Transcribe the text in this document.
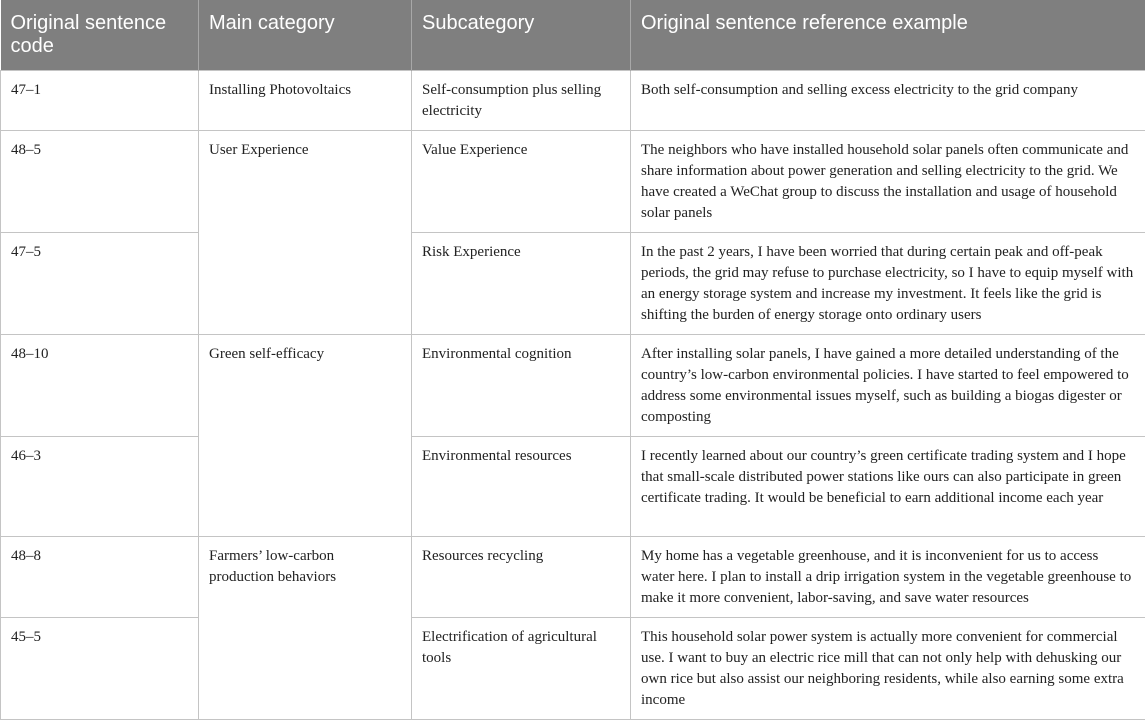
Original sentence code	Main category	Subcategory	Original sentence reference example
47–1	Installing Photovoltaics	Self-consumption plus selling electricity	Both self-consumption and selling excess electricity to the grid company
48–5	User Experience	Value Experience	The neighbors who have installed household solar panels often communicate and share information about power generation and selling electricity to the grid. We have created a WeChat group to discuss the installation and usage of household solar panels
47–5		Risk Experience	In the past 2 years, I have been worried that during certain peak and off-peak periods, the grid may refuse to purchase electricity, so I have to equip myself with an energy storage system and increase my investment. It feels like the grid is shifting the burden of energy storage onto ordinary users
48–10	Green self-efficacy	Environmental cognition	After installing solar panels, I have gained a more detailed understanding of the country’s low-carbon environmental policies. I have started to feel empowered to address some environmental issues myself, such as building a biogas digester or composting
46–3		Environmental resources	I recently learned about our country’s green certificate trading system and I hope that small-scale distributed power stations like ours can also participate in green certificate trading. It would be beneficial to earn additional income each year
48–8	Farmers’ low-carbon production behaviors	Resources recycling	My home has a vegetable greenhouse, and it is inconvenient for us to access water here. I plan to install a drip irrigation system in the vegetable greenhouse to make it more convenient, labor-saving, and save water resources
45–5		Electrification of agricultural tools	This household solar power system is actually more convenient for commercial use. I want to buy an electric rice mill that can not only help with dehusking our own rice but also assist our neighboring residents, while also earning some extra income
